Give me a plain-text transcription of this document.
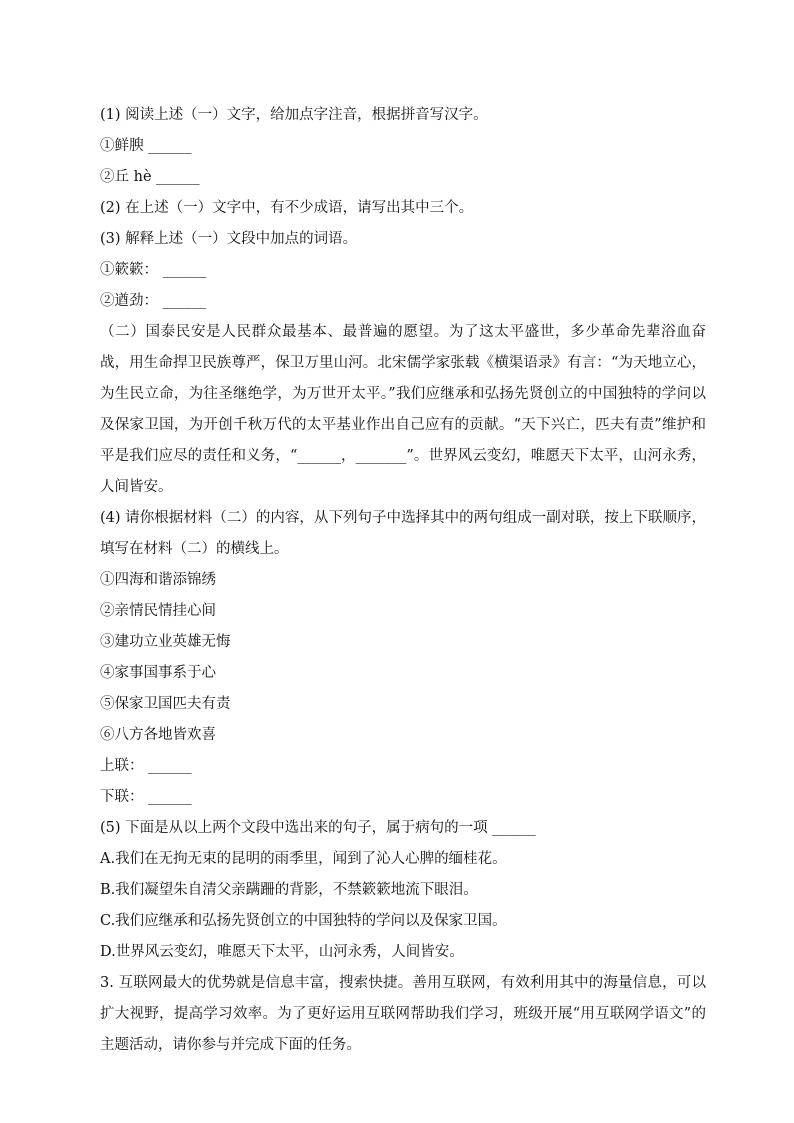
(1) 阅读上述（一）文字，给加点字注音，根据拼音写汉字。
①鲜腴 ______
②丘 hè ______
(2) 在上述（一）文字中，有不少成语，请写出其中三个。
(3) 解释上述（一）文段中加点的词语。
①簌簌： ______
②遒劲： ______
（二）国泰民安是人民群众最基本、最普遍的愿望。为了这太平盛世，多少革命先辈浴血奋战，用生命捍卫民族尊严，保卫万里山河。北宋儒学家张载《横渠语录》有言：“为天地立心，为生民立命，为往圣继绝学，为万世开太平。”我们应继承和弘扬先贤创立的中国独特的学问以及保家卫国，为开创千秋万代的太平基业作出自己应有的贡献。“天下兴亡，匹夫有责”维护和平是我们应尽的责任和义务，“______，_______”。世界风云变幻，唯愿天下太平，山河永秀，人间皆安。
(4) 请你根据材料（二）的内容，从下列句子中选择其中的两句组成一副对联，按上下联顺序，填写在材料（二）的横线上。
①四海和谐添锦绣
②亲情民情挂心间
③建功立业英雄无悔
④家事国事系于心
⑤保家卫国匹夫有责
⑥八方各地皆欢喜
上联： ______
下联： ______
(5) 下面是从以上两个文段中选出来的句子，属于病句的一项 ______
A.我们在无拘无束的昆明的雨季里，闻到了沁人心脾的缅桂花。
B.我们凝望朱自清父亲蹒跚的背影，不禁簌簌地流下眼泪。
C.我们应继承和弘扬先贤创立的中国独特的学问以及保家卫国。
D.世界风云变幻，唯愿天下太平，山河永秀，人间皆安。
3. 互联网最大的优势就是信息丰富，搜索快捷。善用互联网，有效利用其中的海量信息，可以扩大视野，提高学习效率。为了更好运用互联网帮助我们学习，班级开展“用互联网学语文”的主题活动，请你参与并完成下面的任务。
